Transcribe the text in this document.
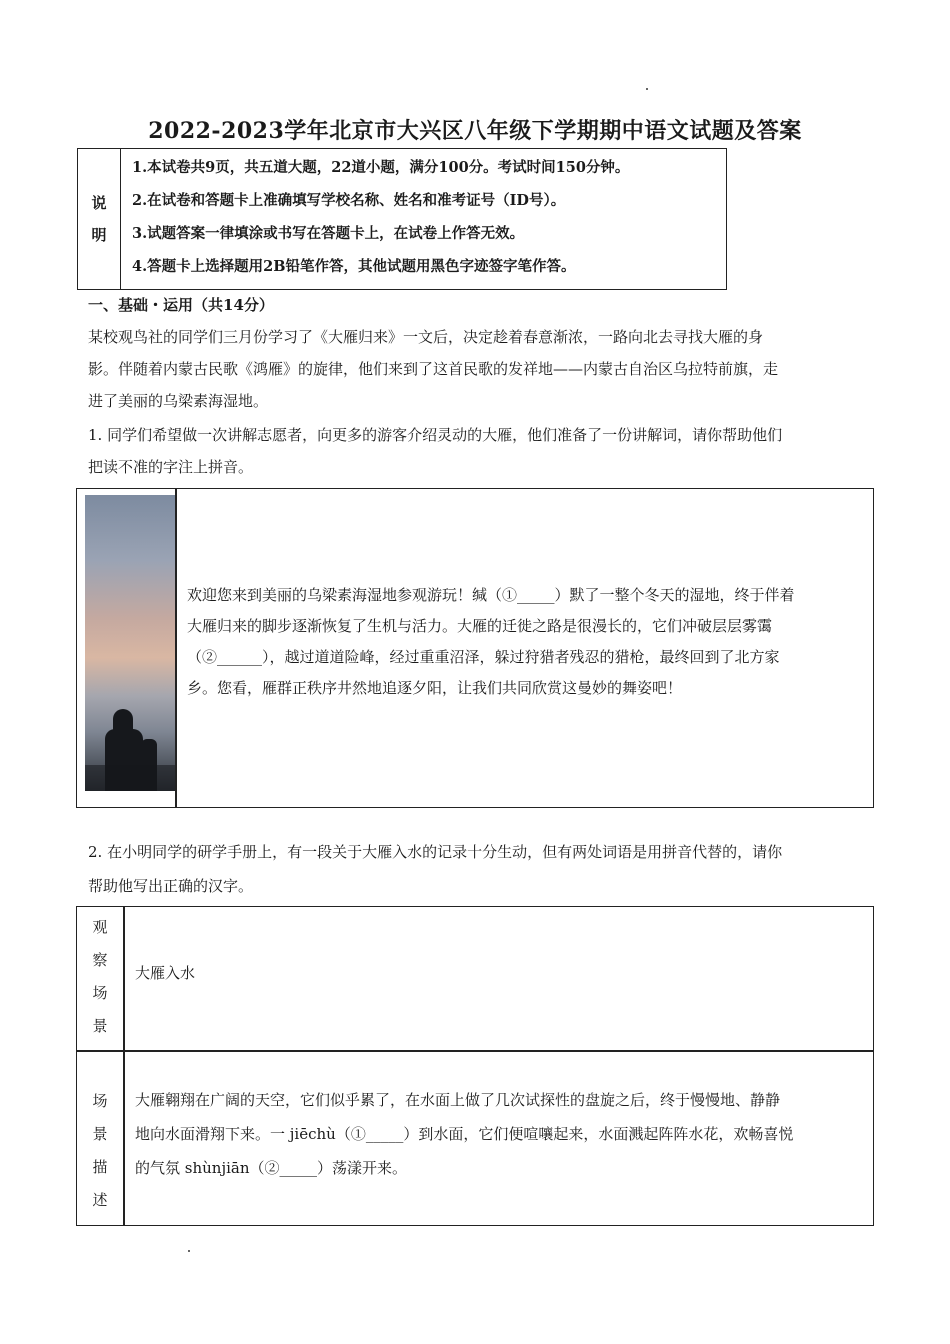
2022-2023学年北京市大兴区八年级下学期期中语文试题及答案
说
明
1.本试卷共9页，共五道大题，22道小题，满分100分。考试时间150分钟。
2.在试卷和答题卡上准确填写学校名称、姓名和准考证号（ID号）。
3.试题答案一律填涂或书写在答题卡上，在试卷上作答无效。
4.答题卡上选择题用2B铅笔作答，其他试题用黑色字迹签字笔作答。
一、基础・运用（共14分）
某校观鸟社的同学们三月份学习了《大雁归来》一文后，决定趁着春意渐浓，一路向北去寻找大雁的身
影。伴随着内蒙古民歌《鸿雁》的旋律，他们来到了这首民歌的发祥地——内蒙古自治区乌拉特前旗，走
进了美丽的乌梁素海湿地。
1. 同学们希望做一次讲解志愿者，向更多的游客介绍灵动的大雁，他们准备了一份讲解词，请你帮助他们
把读不准的字注上拼音。
欢迎您来到美丽的乌梁素海湿地参观游玩！缄（①_____）默了一整个冬天的湿地，终于伴着
大雁归来的脚步逐渐恢复了生机与活力。大雁的迁徙之路是很漫长的，它们冲破层层雾霭
（②______），越过道道险峰，经过重重沼泽，躲过狩猎者残忍的猎枪，最终回到了北方家
乡。您看，雁群正秩序井然地追逐夕阳，让我们共同欣赏这曼妙的舞姿吧！
2. 在小明同学的研学手册上，有一段关于大雁入水的记录十分生动，但有两处词语是用拼音代替的，请你
帮助他写出正确的汉字。
观
察
场
景
大雁入水
场
景
描
述
大雁翱翔在广阔的天空，它们似乎累了，在水面上做了几次试探性的盘旋之后，终于慢慢地、静静
地向水面滑翔下来。一 jiēchù（①_____）到水面，它们便喧嚷起来，水面溅起阵阵水花，欢畅喜悦
的气氛 shùnjiān（②_____）荡漾开来。
